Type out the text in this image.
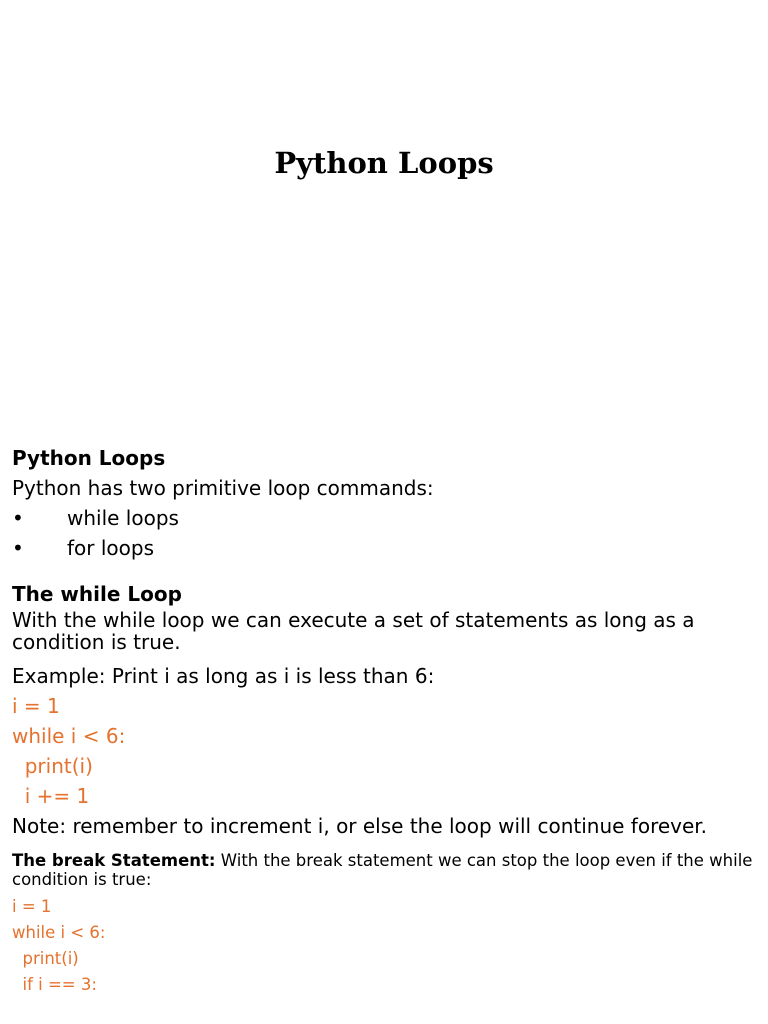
Python Loops

Python Loops

Python has two primitive loop commands:

• while loops
• for loops

The while Loop

With the while loop we can execute a set of statements as long as a condition is true.

Example: Print i as long as i is less than 6:

i = 1

while i < 6:

print(i)

i += 1

Note: remember to increment i, or else the loop will continue forever.

The break Statement: With the break statement we can stop the loop even if the while condition is true:

i = 1

while i < 6:

print(i)

if i == 3:
